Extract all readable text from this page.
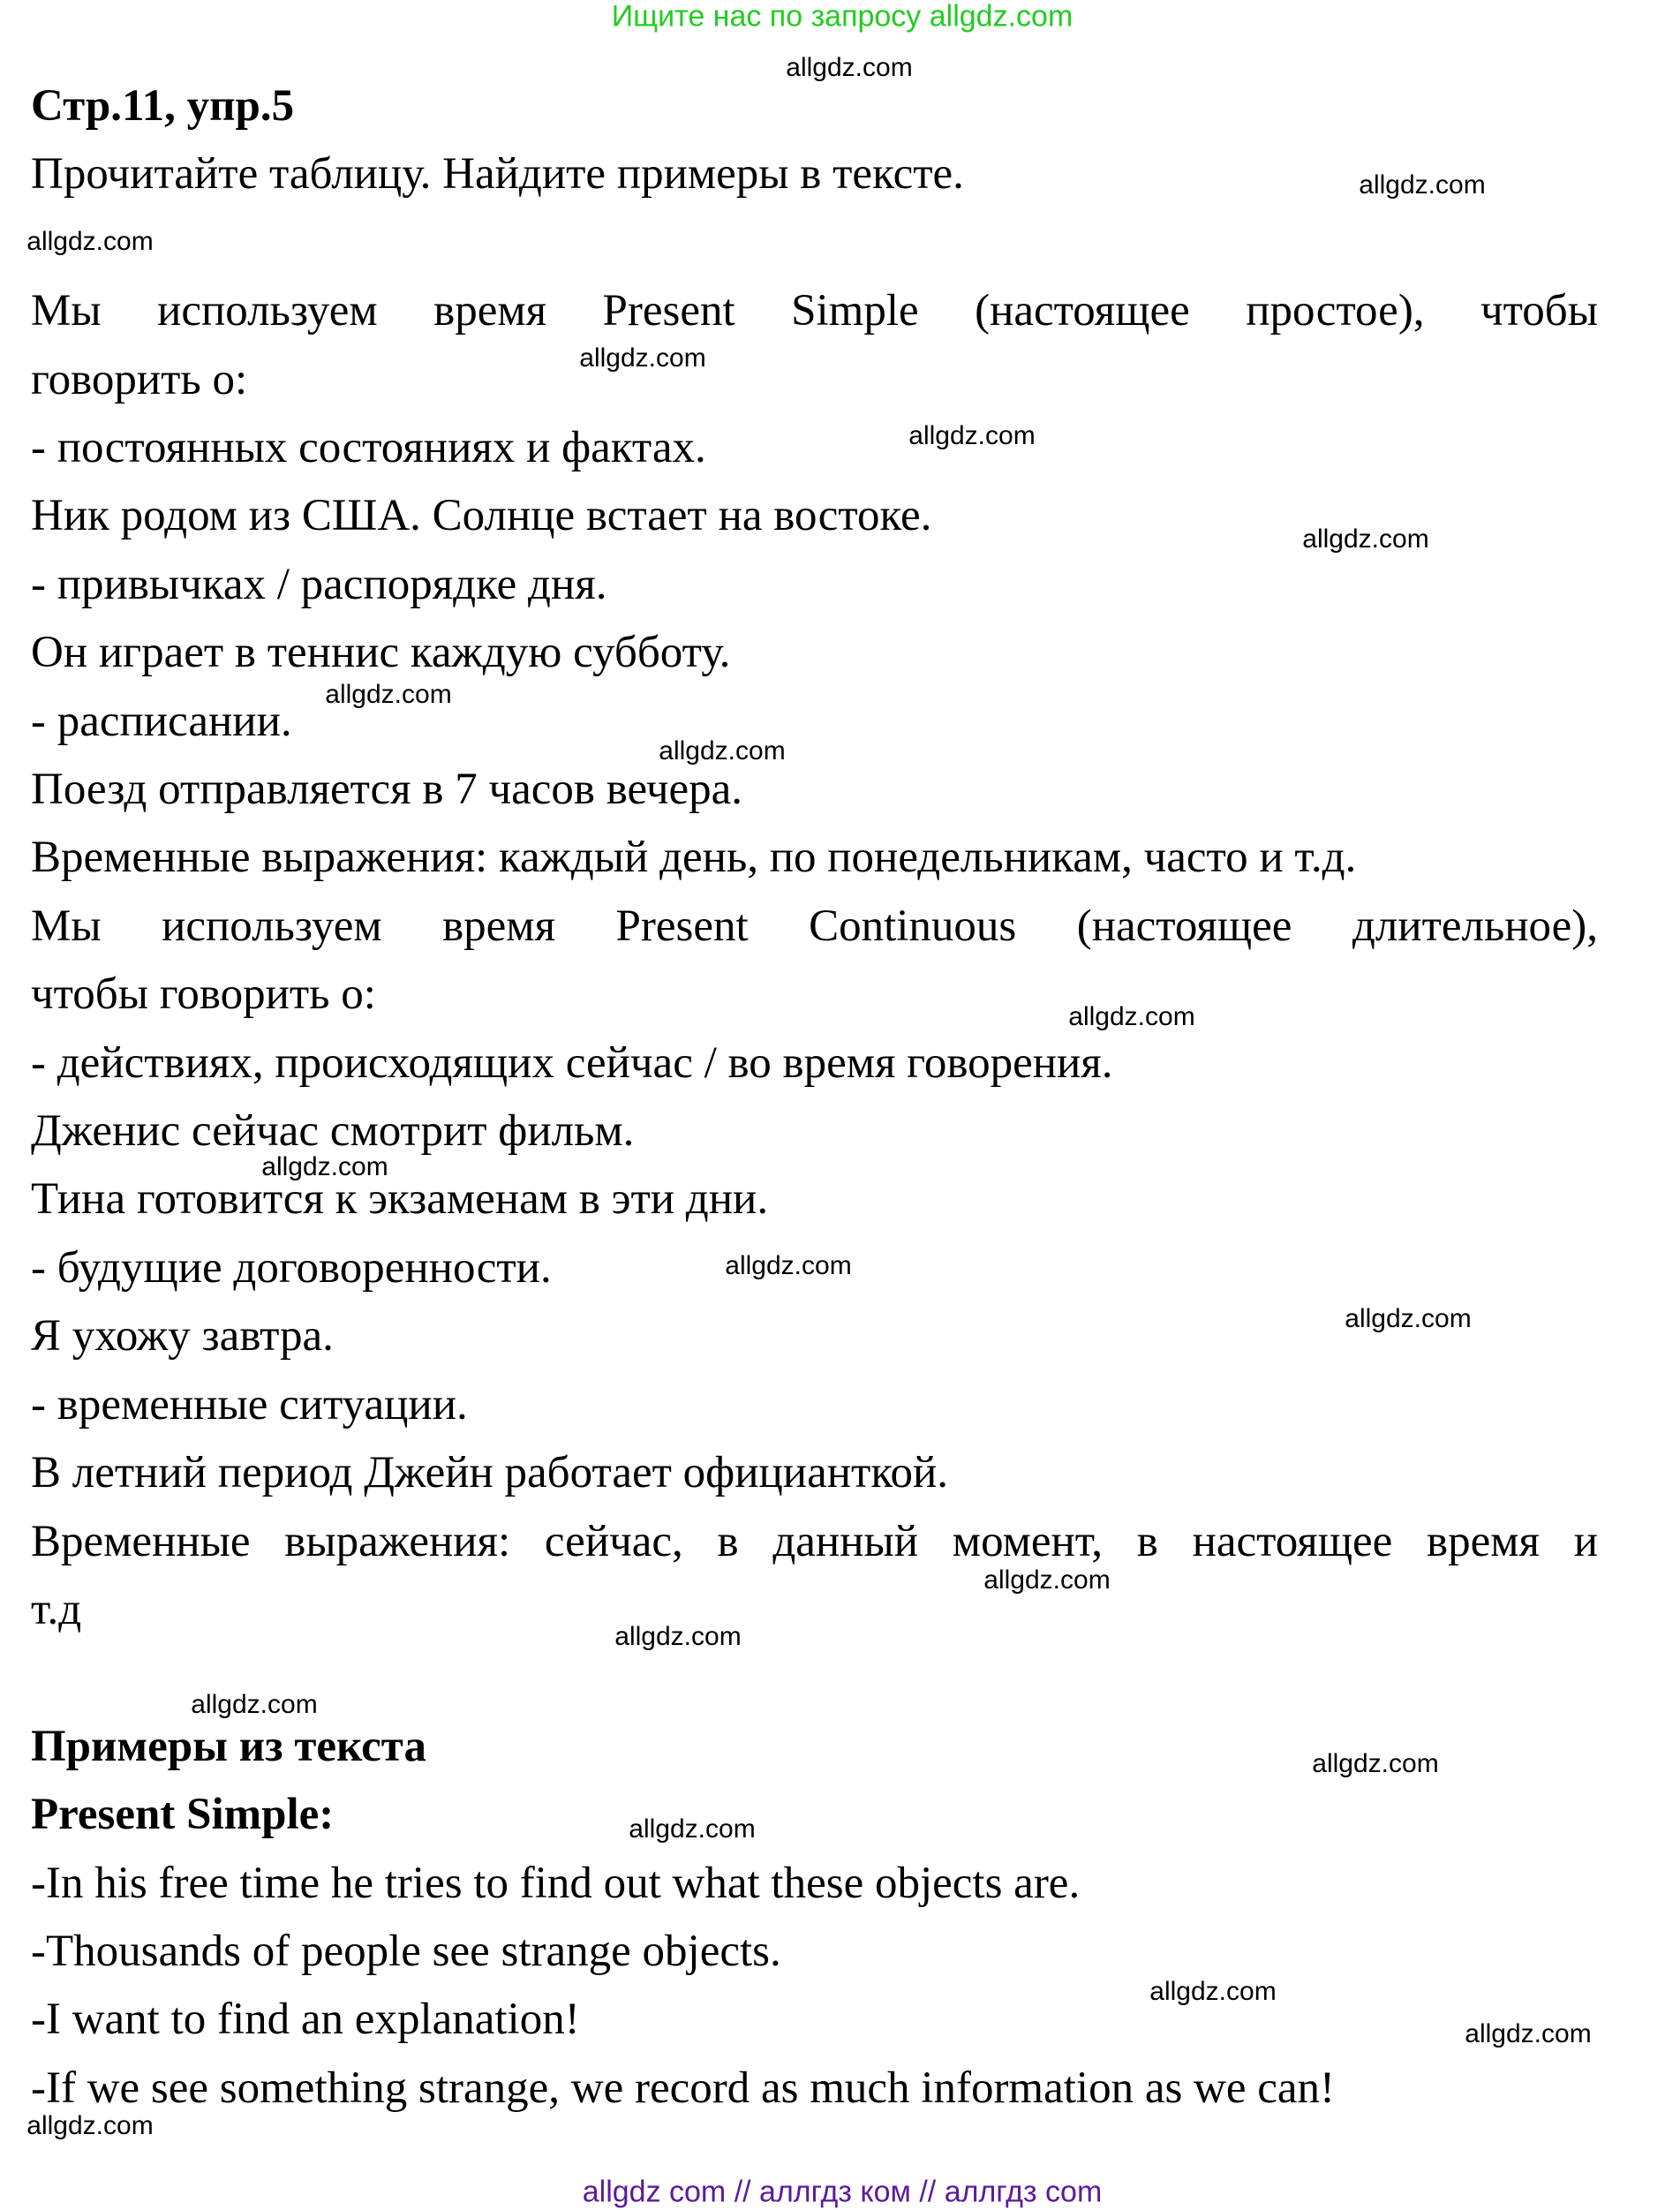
Ищите нас по запросу allgdz.com
Стр.11, упр.5
Прочитайте таблицу. Найдите примеры в тексте.
Мы используем время Present Simple (настоящее простое), чтобы
говорить о:
- постоянных состояниях и фактах.
Ник родом из США. Солнце встает на востоке.
- привычках / распорядке дня.
Он играет в теннис каждую субботу.
- расписании.
Поезд отправляется в 7 часов вечера.
Временные выражения: каждый день, по понедельникам, часто и т.д.
Мы используем время Present Continuous (настоящее длительное),
чтобы говорить о:
- действиях, происходящих сейчас / во время говорения.
Дженис сейчас смотрит фильм.
Тина готовится к экзаменам в эти дни.
- будущие договоренности.
Я ухожу завтра.
- временные ситуации.
В летний период Джейн работает официанткой.
Временные выражения: сейчас, в данный момент, в настоящее время и
т.д
Примеры из текста
Present Simple:
-In his free time he tries to find out what these objects are.
-Thousands of people see strange objects.
-I want to find an explanation!
-If we see something strange, we record as much information as we can!
allgdz.com
allgdz.com
allgdz.com
allgdz.com
allgdz.com
allgdz.com
allgdz.com
allgdz.com
allgdz.com
allgdz.com
allgdz.com
allgdz.com
allgdz.com
allgdz.com
allgdz.com
allgdz.com
allgdz.com
allgdz.com
allgdz.com
allgdz.com
allgdz com // аллгдз ком // аллгдз com
